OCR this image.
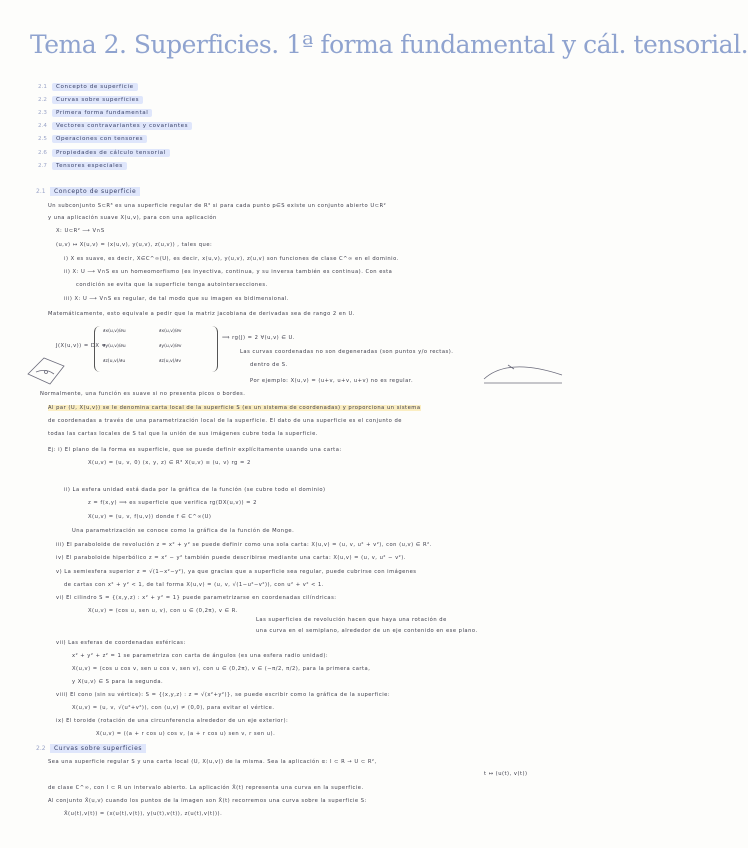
Tema 2. Superficies. 1ª forma fundamental y cál. tensorial.
2.1	Concepto de superficie
2.2	Curvas sobre superficies
2.3	Primera forma fundamental
2.4	Vectores contravariantes y covariantes
2.5	Operaciones con tensores
2.6	Propiedades de cálculo tensorial
2.7	Tensores especiales
2.1	Concepto de superficie
Un subconjunto S⊂R³ es una superficie regular de R³ si para cada punto p∈S existe un conjunto abierto U⊂R²
y una aplicación suave X(u,v), para con una aplicación
X: U⊂R² ⟶ V∩S
(u,v) ↦ X(u,v) = (x(u,v), y(u,v), z(u,v)) , tales que:
i) X es suave, es decir, X∈C^∞(U), es decir, x(u,v), y(u,v), z(u,v) son funciones de clase C^∞ en el dominio.
ii) X: U ⟶ V∩S es un homeomorfismo (es inyectiva, continua, y su inversa también es continua). Con esta
condición se evita que la superficie tenga autointersecciones.
iii) X: U ⟶ V∩S es regular, de tal modo que su imagen es bidimensional.
Matemáticamente, esto equivale a pedir que la matriz jacobiana de derivadas sea de rango 2 en U.
J(X(u,v)) = DX =
∂x(u,v)/∂u	∂x(u,v)/∂v
∂y(u,v)/∂u	∂y(u,v)/∂v
∂z(u,v)/∂u	∂z(u,v)/∂v
⟹ rg(J) = 2 ∀(u,v) ∈ U.
Las curvas coordenadas no son degeneradas (son puntos y/o rectas).
dentro de S.
Por ejemplo: X(u,v) = (u+v, u+v, u+v) no es regular.
Normalmente, una función es suave si no presenta picos o bordes.
Al par (U, X(u,v)) se le denomina carta local de la superficie S (es un sistema de coordenadas) y proporciona un sistema
de coordenadas a través de una parametrización local de la superficie. El dato de una superficie es el conjunto de
todas las cartas locales de S tal que la unión de sus imágenes cubre toda la superficie.
Ej: i) El plano de la forma es superficie, que se puede definir explícitamente usando una carta:
X(u,v) = (u, v, 0) (x, y, z) ∈ R³ X(u,v) ≡ (u, v) rg = 2
ii) La esfera unidad está dada por la gráfica de la función (se cubre todo el dominio)
z = f(x,y) ⟹ es superficie que verifica rg(DX(u,v)) = 2
X(u,v) = (u, v, f(u,v)) donde f ∈ C^∞(U)
Una parametrización se conoce como la gráfica de la función de Monge.
iii) El paraboloide de revolución z = x² + y² se puede definir como una sola carta: X(u,v) = (u, v, u² + v²), con (u,v) ∈ R².
iv) El paraboloide hiperbólico z = x² − y² también puede describirse mediante una carta: X(u,v) = (u, v, u² − v²).
v) La semiesfera superior z = √(1−x²−y²), ya que gracias que a superficie sea regular, puede cubrirse con imágenes
de cartas con x² + y² < 1, de tal forma X(u,v) = (u, v, √(1−u²−v²)), con u² + v² < 1.
vi) El cilindro S = {(x,y,z) : x² + y² = 1} puede parametrizarse en coordenadas cilíndricas:
X(u,v) = (cos u, sen u, v), con u ∈ (0,2π), v ∈ R.
Las superficies de revolución hacen que haya una rotación de
una curva en el semiplano, alrededor de un eje contenido en ese plano.
vii) Las esferas de coordenadas esféricas:
x² + y² + z² = 1 se parametriza con carta de ángulos (es una esfera radio unidad):
X(u,v) = (cos u cos v, sen u cos v, sen v), con u ∈ (0,2π), v ∈ (−π/2, π/2), para la primera carta,
y X(u,v) ∈ S para la segunda.
viii) El cono (sin su vértice): S = {(x,y,z) : z = √(x²+y²)}, se puede escribir como la gráfica de la superficie:
X(u,v) = (u, v, √(u²+v²)), con (u,v) ≠ (0,0), para evitar el vértice.
ix) El toroide (rotación de una circunferencia alrededor de un eje exterior):
X(u,v) = ((a + r cos u) cos v, (a + r cos u) sen v, r sen u).
2.2	Curvas sobre superficies
Sea una superficie regular S y una carta local (U, X(u,v)) de la misma. Sea la aplicación α: I ⊂ R → U ⊂ R²,
t ↦ (u(t), v(t))
de clase C^∞, con I ⊂ R un intervalo abierto. La aplicación X̃(t) representa una curva en la superficie.
Al conjunto X̃(u,v) cuando los puntos de la imagen son X̃(t) recorremos una curva sobre la superficie S:
X̃(u(t),v(t)) = (x(u(t),v(t)), y(u(t),v(t)), z(u(t),v(t))).
